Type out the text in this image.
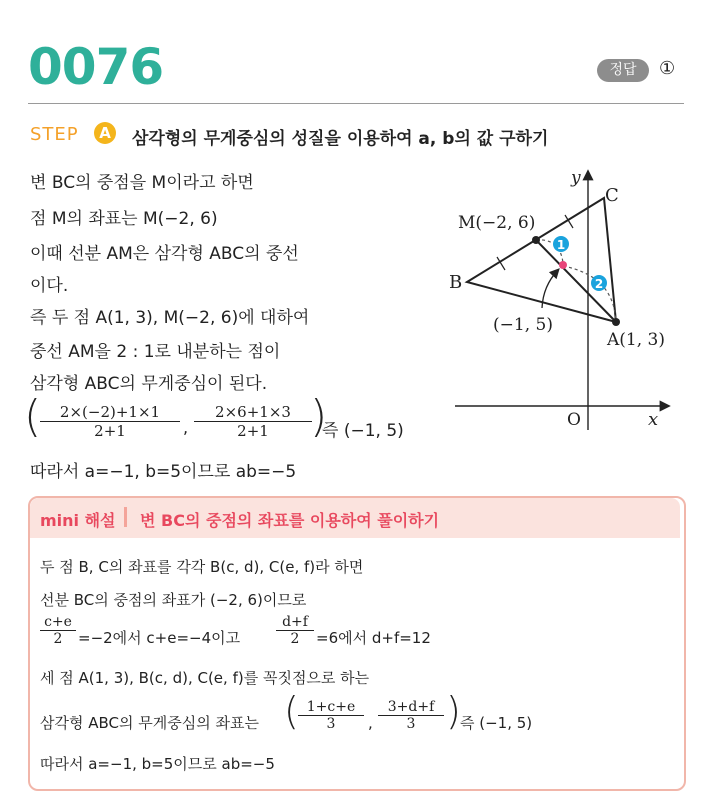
0076	정답	①
STEP	A	삼각형의 무게중심의 성질을 이용하여 a, b의 값 구하기
변 BC의 중점을 M이라고 하면
점 M의 좌표는 M(−2, 6)
이때 선분 AM은 삼각형 ABC의 중선
이다.
즉 두 점 A(1, 3), M(−2, 6)에 대하여
중선 AM을 2 : 1로 내분하는 점이
삼각형 ABC의 무게중심이 된다.
(
$\frac{2\times(-2)+1\times 1}{2+1}$ , $\frac{2\times 6+1\times 3}{2+1}$
)
즉 (−1, 5)
따라서 a=−1, b=5이므로 ab=−5
1
2
y
x
O
C
B
M(−2, 6)
A(1, 3)
(−1, 5)
mini 해설 변 BC의 중점의 좌표를 이용하여 풀이하기
두 점 B, C의 좌표를 각각 B(c, d), C(e, f)라 하면
선분 BC의 중점의 좌표가 (−2, 6)이므로
$\frac{c+e}{2} =-2$에서 c+e=−4이고	$\frac{d+f}{2} =6$에서 d+f=12
세 점 A(1, 3), B(c, d), C(e, f)를 꼭짓점으로 하는
삼각형 ABC의 무게중심의 좌표는 ( $\frac{1+c+e}{3}$ , $\frac{3+d+f}{3}$ ) 즉 (−1, 5)
따라서 a=−1, b=5이므로 ab=−5
